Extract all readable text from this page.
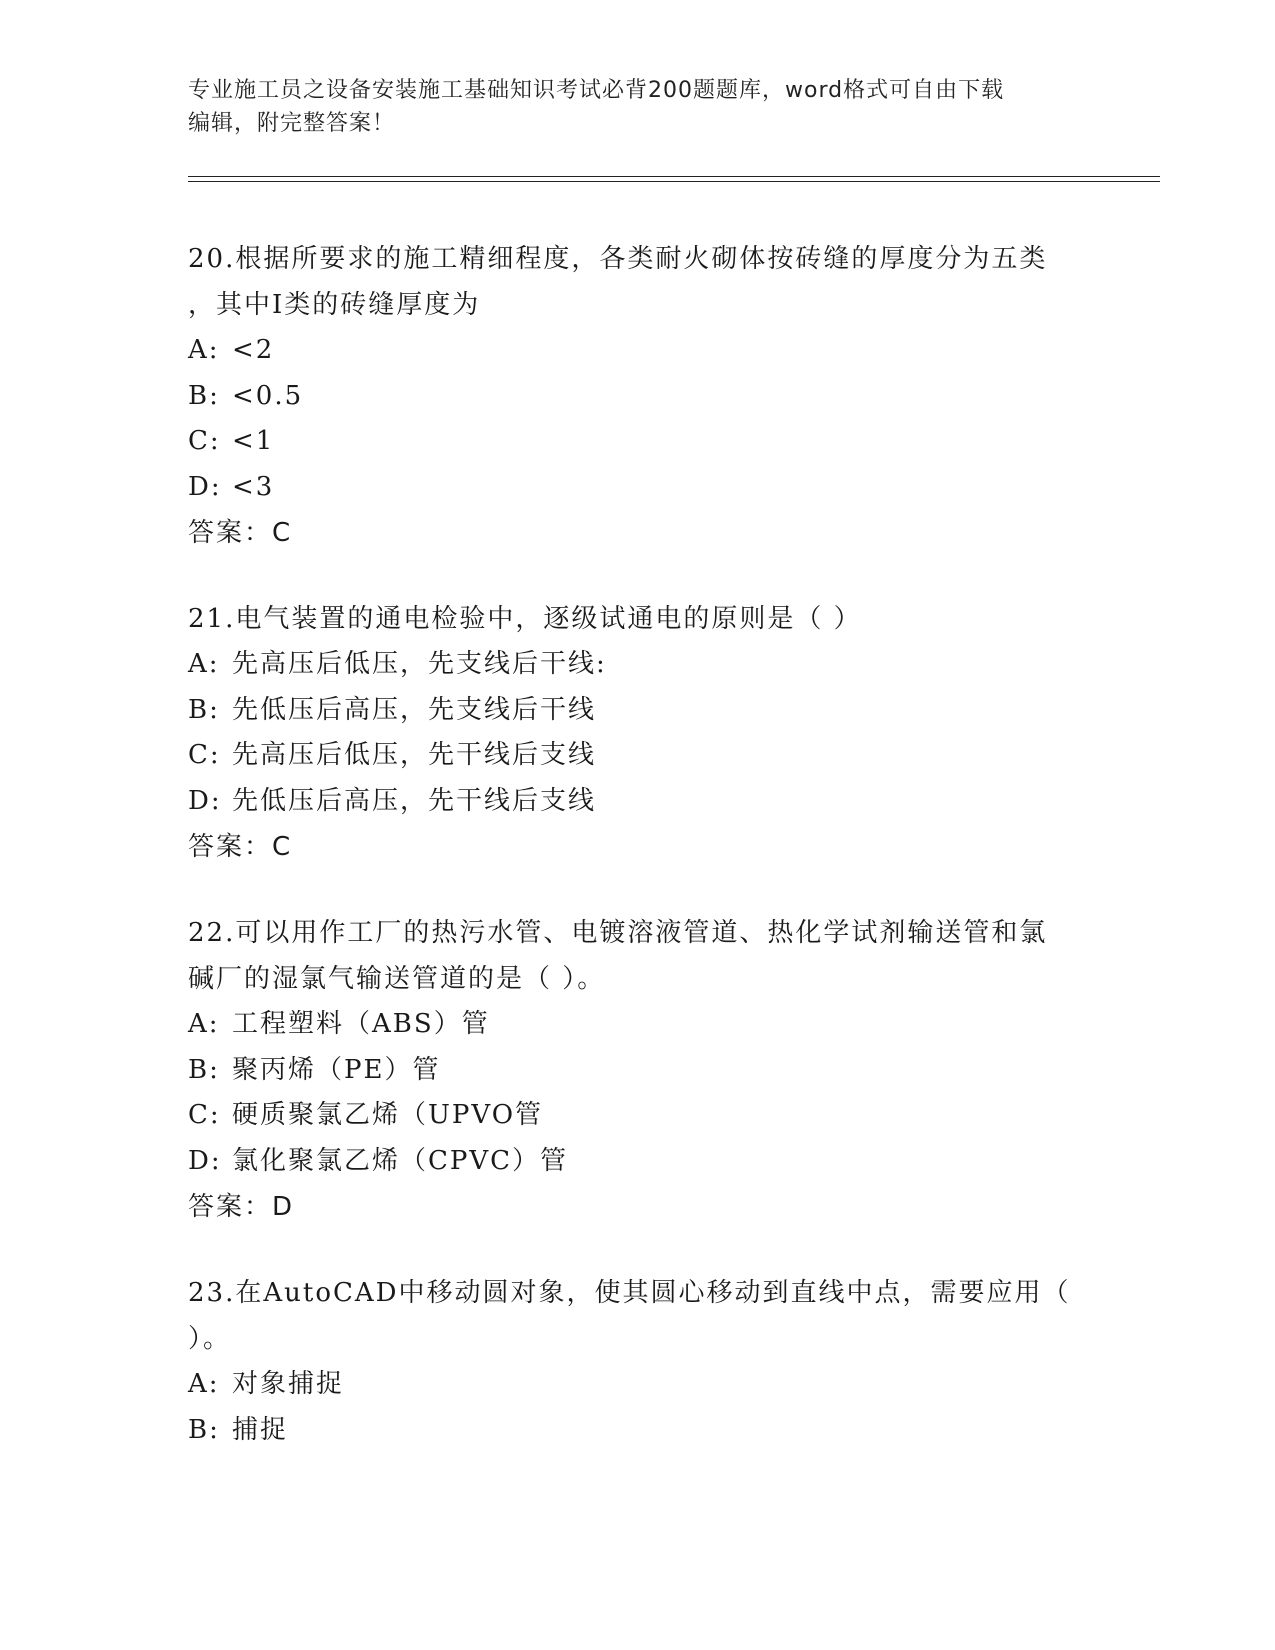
专业施工员之设备安装施工基础知识考试必背200题题库，word格式可自由下载
编辑，附完整答案！
20.根据所要求的施工精细程度，各类耐火砌体按砖缝的厚度分为五类
，其中I类的砖缝厚度为
A: <2
B: <0.5
C: <1
D: <3
答案：C
21.电气装置的通电检验中，逐级试通电的原则是（ ）
A: 先高压后低压，先支线后干线:
B: 先低压后高压，先支线后干线
C: 先高压后低压，先干线后支线
D: 先低压后高压，先干线后支线
答案：C
22.可以用作工厂的热污水管、电镀溶液管道、热化学试剂输送管和氯
碱厂的湿氯气输送管道的是（ ）。
A: 工程塑料（ABS）管
B: 聚丙烯（PE）管
C: 硬质聚氯乙烯（UPVO管
D: 氯化聚氯乙烯（CPVC）管
答案：D
23.在AutoCAD中移动圆对象，使其圆心移动到直线中点，需要应用（
）。
A: 对象捕捉
B: 捕捉
